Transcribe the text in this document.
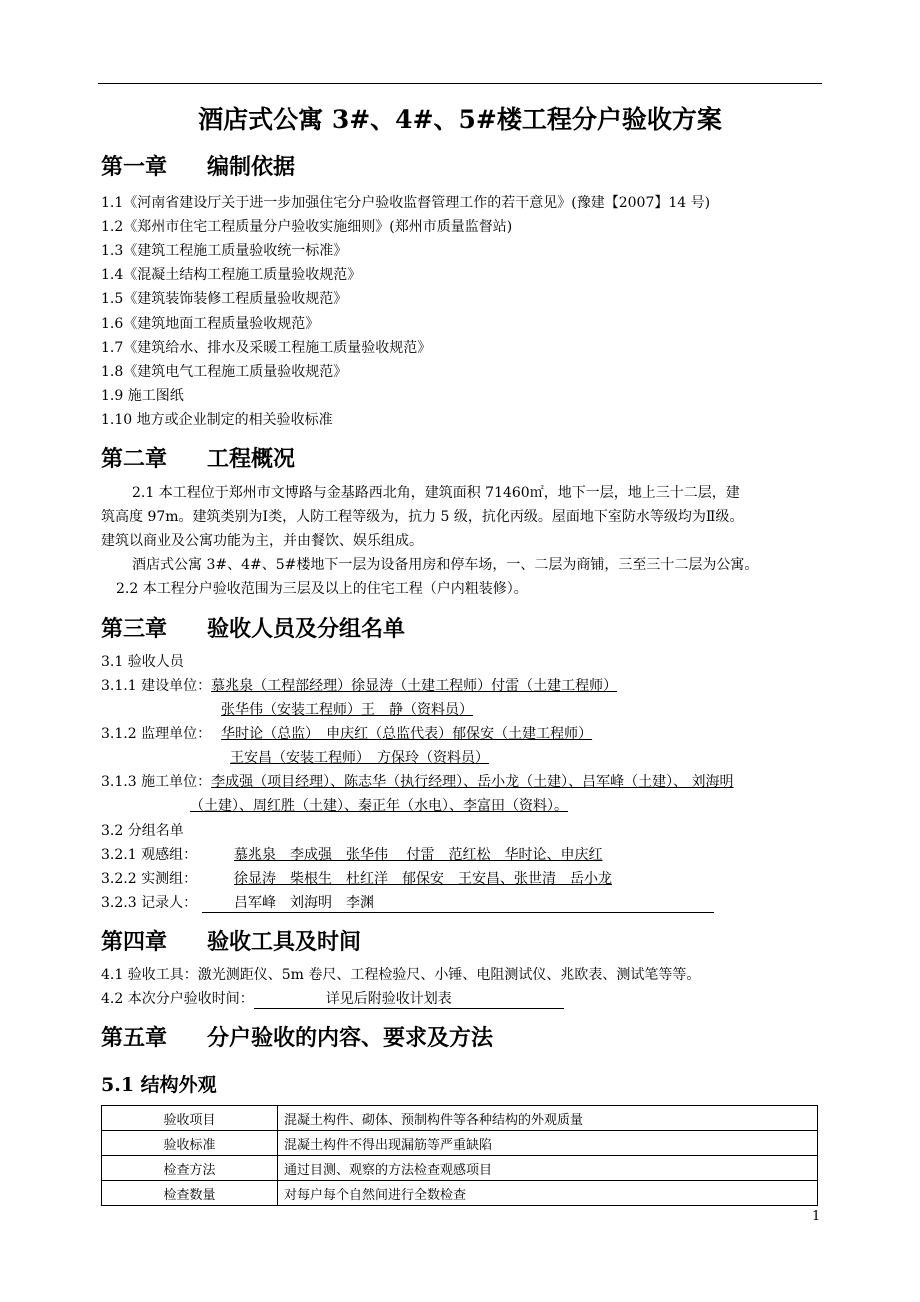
酒店式公寓 3#、4#、5#楼工程分户验收方案
第一章 编制依据
1.1《河南省建设厅关于进一步加强住宅分户验收监督管理工作的若干意见》(豫建【2007】14 号)
1.2《郑州市住宅工程质量分户验收实施细则》(郑州市质量监督站)
1.3《建筑工程施工质量验收统一标准》
1.4《混凝土结构工程施工质量验收规范》
1.5《建筑装饰装修工程质量验收规范》
1.6《建筑地面工程质量验收规范》
1.7《建筑给水、排水及采暖工程施工质量验收规范》
1.8《建筑电气工程施工质量验收规范》
1.9 施工图纸
1.10 地方或企业制定的相关验收标准
第二章 工程概况
2.1 本工程位于郑州市文博路与金基路西北角，建筑面积 71460㎡，地下一层，地上三十二层，建
筑高度 97m。建筑类别为Ⅰ类，人防工程等级为，抗力 5 级，抗化丙级。屋面地下室防水等级均为Ⅱ级。
建筑以商业及公寓功能为主，并由餐饮、娱乐组成。
酒店式公寓 3#、4#、5#楼地下一层为设备用房和停车场，一、二层为商铺，三至三十二层为公寓。
2.2 本工程分户验收范围为三层及以上的住宅工程（户内粗装修）。
第三章 验收人员及分组名单
3.1 验收人员
3.1.1 建设单位：慕兆泉（工程部经理）徐显涛（土建工程师）付雷（土建工程师）
张华伟（安装工程师）王　静（资料员）
3.1.2 监理单位： 华时论（总监）　申庆红（总监代表）郁保安（土建工程师）
王安昌（安装工程师）　方保玲（资料员）
3.1.3 施工单位：李成强（项目经理）、陈志华（执行经理）、岳小龙（土建）、吕军峰（土建）、 刘海明
（土建）、周红胜（土建）、秦正年（水电）、李富田（资料）。
3.2 分组名单
3.2.1 观感组：	慕兆泉　李成强　张华伟　 付雷　范红松　华时论、申庆红
3.2.2 实测组：	徐显涛　柴根生　杜红洋　郁保安　王安昌、张世清　岳小龙
3.2.3 记录人：	吕军峰　刘海明　李渊
第四章 验收工具及时间
4.1 验收工具：激光测距仪、5m 卷尺、工程检验尺、小锤、电阻测试仪、兆欧表、测试笔等等。
4.2 本次分户验收时间：	详见后附验收计划表
第五章 分户验收的内容、要求及方法
5.1 结构外观
验收项目	混凝土构件、砌体、预制构件等各种结构的外观质量
验收标准	混凝土构件不得出现漏筋等严重缺陷
检查方法	通过目测、观察的方法检查观感项目
检查数量	对每户每个自然间进行全数检查
1
